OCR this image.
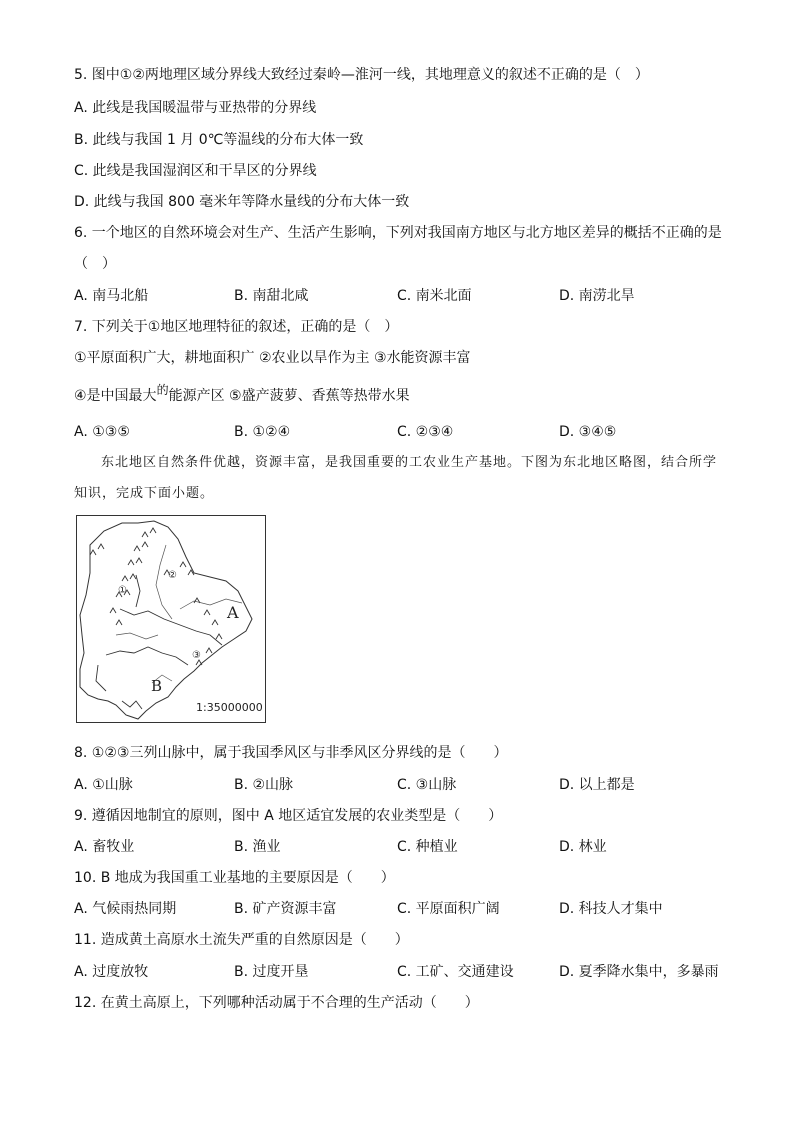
5. 图中①②两地理区域分界线大致经过秦岭—淮河一线，其地理意义的叙述不正确的是（　）
A. 此线是我国暖温带与亚热带的分界线
B. 此线与我国 1 月 0℃等温线的分布大体一致
C. 此线是我国湿润区和干旱区的分界线
D. 此线与我国 800 毫米年等降水量线的分布大体一致
6. 一个地区的自然环境会对生产、生活产生影响，下列对我国南方地区与北方地区差异的概括不正确的是
（　）
A. 南马北船	B. 南甜北咸	C. 南米北面	D. 南涝北旱
7. 下列关于①地区地理特征的叙述，正确的是（　）
①平原面积广大，耕地面积广 ②农业以旱作为主 ③水能资源丰富
④是中国最大的能源产区 ⑤盛产菠萝、香蕉等热带水果
A. ①③⑤	B. ①②④	C. ②③④	D. ③④⑤
东北地区自然条件优越，资源丰富，是我国重要的工农业生产基地。下图为东北地区略图，结合所学
知识，完成下面小题。
A
B
①
②
③
1:35000000
8. ①②③三列山脉中，属于我国季风区与非季风区分界线的是（　　）
A. ①山脉	B. ②山脉	C. ③山脉	D. 以上都是
9. 遵循因地制宜的原则，图中 A 地区适宜发展的农业类型是（　　）
A. 畜牧业	B. 渔业	C. 种植业	D. 林业
10. B 地成为我国重工业基地的主要原因是（　　）
A. 气候雨热同期	B. 矿产资源丰富	C. 平原面积广阔	D. 科技人才集中
11. 造成黄土高原水土流失严重的自然原因是（　　）
A. 过度放牧	B. 过度开垦	C. 工矿、交通建设	D. 夏季降水集中，多暴雨
12. 在黄土高原上，下列哪种活动属于不合理的生产活动（　　）
